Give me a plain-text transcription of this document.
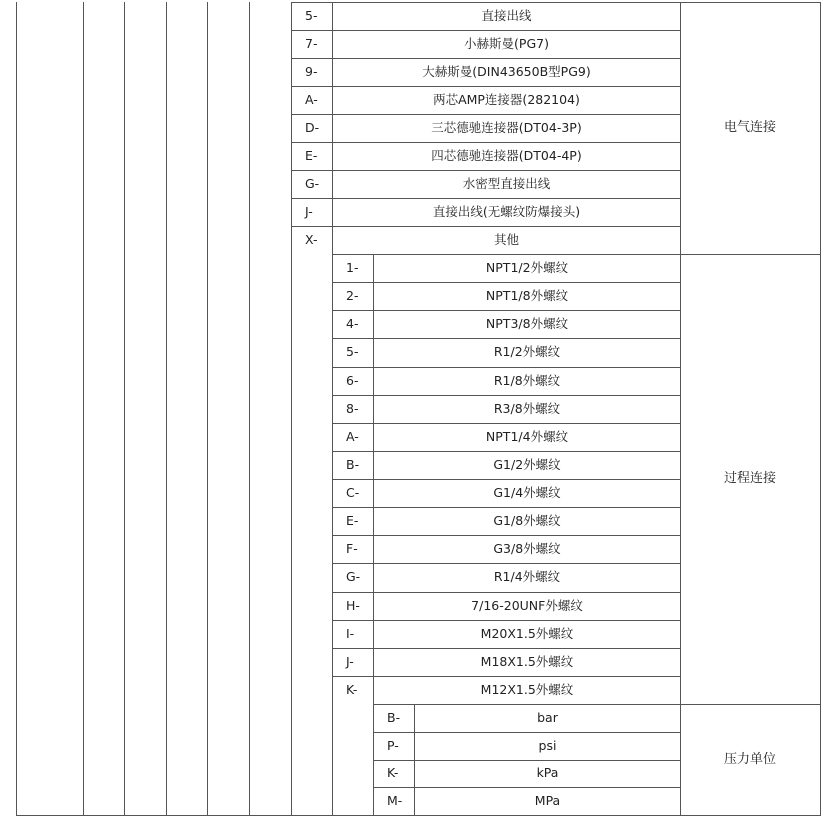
5-	直接出线
7-	小赫斯曼(PG7)
9-	大赫斯曼(DIN43650B型PG9)
A-	两芯AMP连接器(282104)
D-	三芯德驰连接器(DT04-3P)
E-	四芯德驰连接器(DT04-4P)
G-	水密型直接出线
J-	直接出线(无螺纹防爆接头)
X-	其他
电气连接
1-	NPT1/2外螺纹
2-	NPT1/8外螺纹
4-	NPT3/8外螺纹
5-	R1/2外螺纹
6-	R1/8外螺纹
8-	R3/8外螺纹
A-	NPT1/4外螺纹
B-	G1/2外螺纹
C-	G1/4外螺纹
E-	G1/8外螺纹
F-	G3/8外螺纹
G-	R1/4外螺纹
H-	7/16-20UNF外螺纹
I-	M20X1.5外螺纹
J-	M18X1.5外螺纹
K-	M12X1.5外螺纹
过程连接
B-	bar
P-	psi
K-	kPa
M-	MPa
压力单位
